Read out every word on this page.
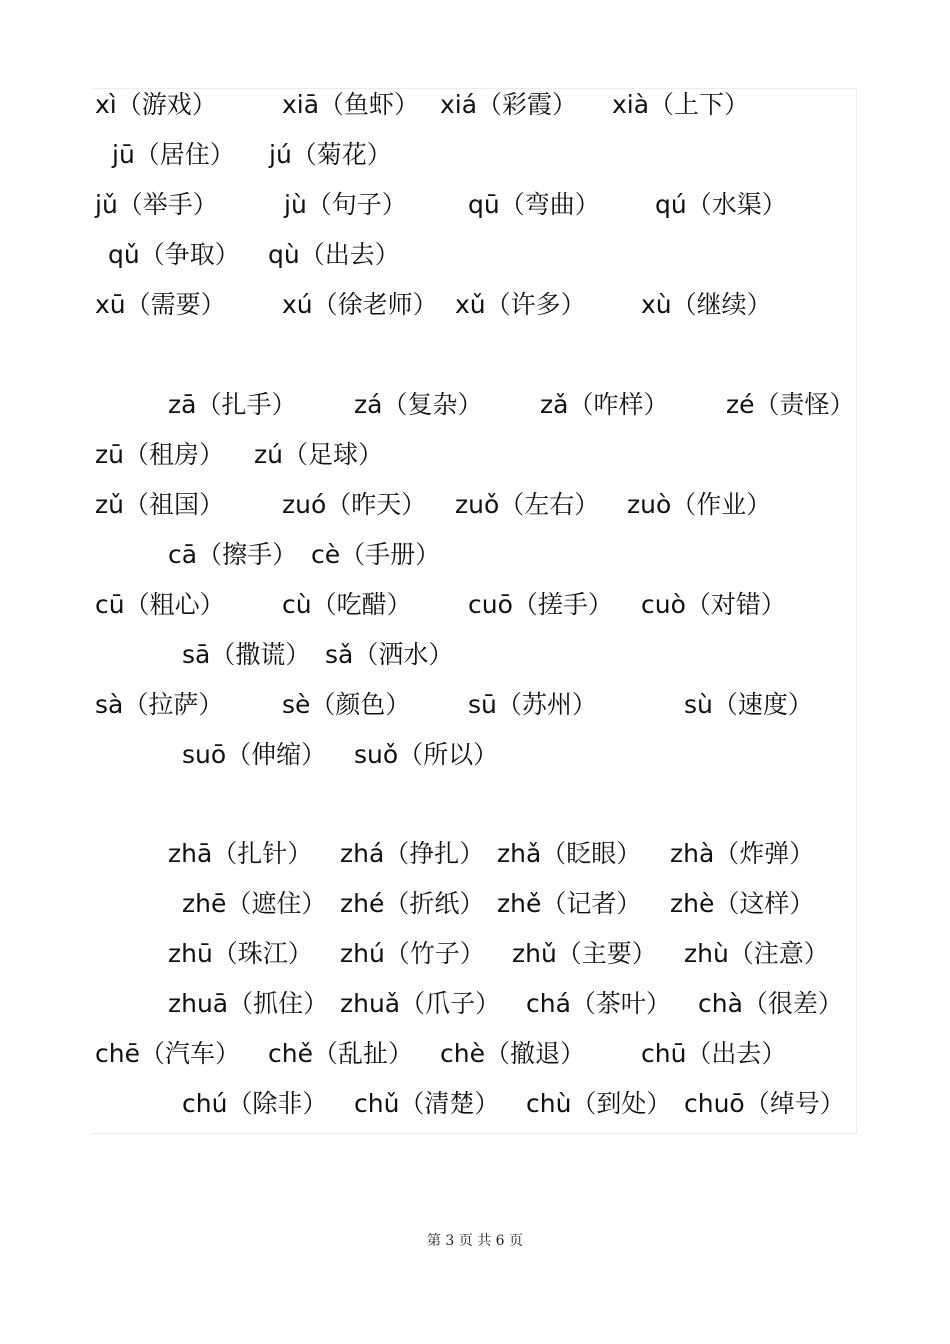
xì（游戏）	xiā（鱼虾） xiá（彩霞） xià（上下）
jū（居住） jú（菊花）
jǔ（举手）	jù（句子） qū（弯曲） qú（水渠）
qǔ（争取） qù（出去）
xū（需要） xú（徐老师） xǔ（许多） xù（继续）
zā（扎手） zá（复杂） zǎ（咋样） zé（责怪）
zū（租房） zú（足球）
zǔ（祖国） zuó（昨天） zuǒ（左右） zuò（作业）
cā（擦手） cè（手册）
cū（粗心） cù（吃醋） cuō（搓手） cuò（对错）
sā（撒谎） sǎ（洒水）
sà（拉萨） sè（颜色） sū（苏州）	sù（速度）
suō（伸缩） suǒ（所以）
zhā（扎针） zhá（挣扎） zhǎ（眨眼） zhà（炸弹）
zhē（遮住） zhé（折纸） zhě（记者） zhè（这样）
zhū（珠江） zhú（竹子） zhǔ（主要） zhù（注意）
zhuā（抓住） zhuǎ（爪子） chá（茶叶） chà（很差）
chē（汽车） chě（乱扯） chè（撤退） chū（出去）
chú（除非） chǔ（清楚） chù（到处） chuō（绰号）
第 3 页 共 6 页
